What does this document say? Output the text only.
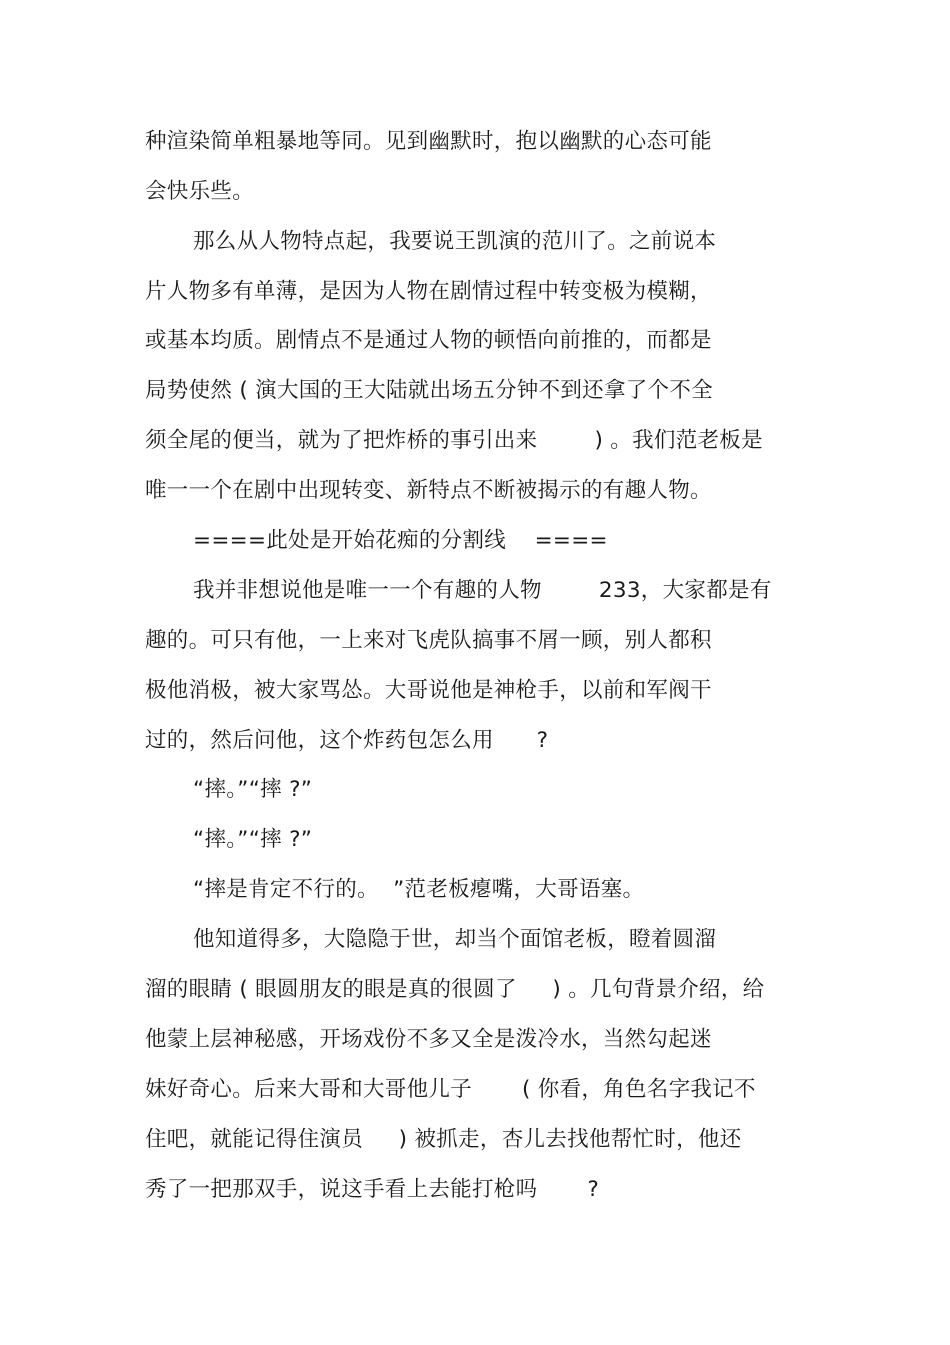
种渲染简单粗暴地等同。见到幽默时，抱以幽默的心态可能
会快乐些。
那么从人物特点起，我要说王凯演的范川了。之前说本
片人物多有单薄，是因为人物在剧情过程中转变极为模糊，
或基本均质。剧情点不是通过人物的顿悟向前推的，而都是
局势使然 ( 演大国的王大陆就出场五分钟不到还拿了个不全
须全尾的便当，就为了把炸桥的事引出来        ) 。我们范老板是
唯一一个在剧中出现转变、新特点不断被揭示的有趣人物。
====此处是开始花痴的分割线    ====
我并非想说他是唯一一个有趣的人物        233，大家都是有
趣的。可只有他，一上来对飞虎队搞事不屑一顾，别人都积
极他消极，被大家骂怂。大哥说他是神枪手，以前和军阀干
过的，然后问他，这个炸药包怎么用      ?
“摔。”“摔 ?”
“摔。”“摔 ?”
“摔是肯定不行的。  ”范老板瘪嘴，大哥语塞。
他知道得多，大隐隐于世，却当个面馆老板，瞪着圆溜
溜的眼睛 ( 眼圆朋友的眼是真的很圆了     ) 。几句背景介绍，给
他蒙上层神秘感，开场戏份不多又全是泼冷水，当然勾起迷
妹好奇心。后来大哥和大哥他儿子       ( 你看，角色名字我记不
住吧，就能记得住演员     ) 被抓走，杏儿去找他帮忙时，他还
秀了一把那双手，说这手看上去能打枪吗       ?
